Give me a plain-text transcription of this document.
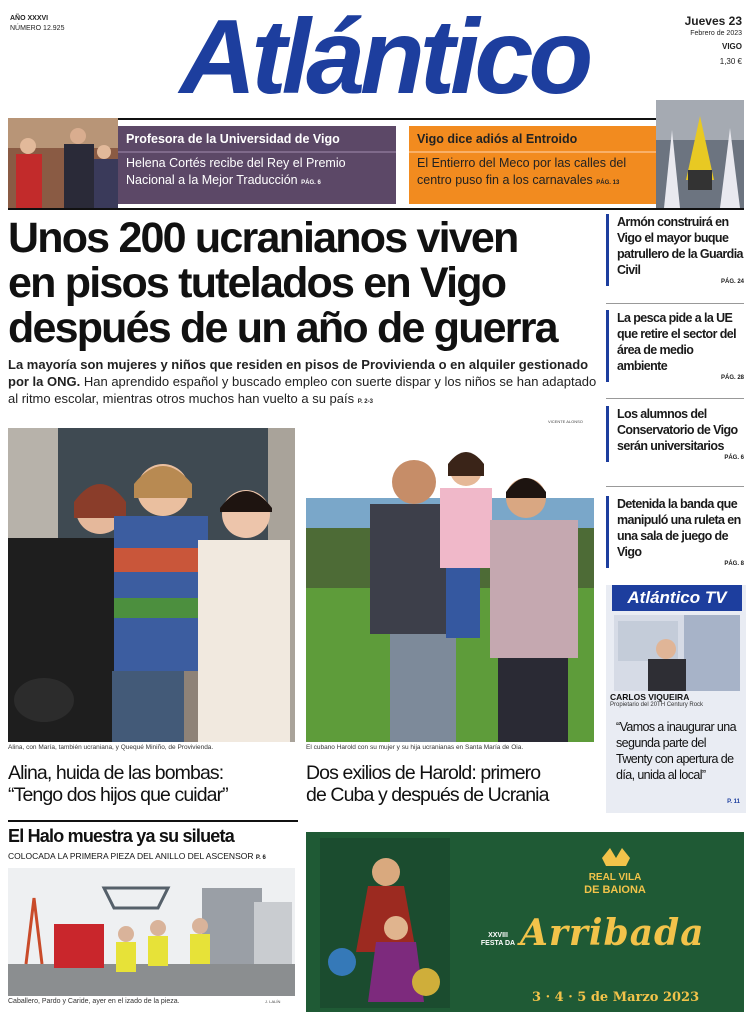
AÑO XXXVI
NÚMERO 12.925	Atlántico	Jueves 23
Febrero de 2023
VIGO
1,30 €
Profesora de la Universidad de Vigo
Helena Cortés recibe del Rey el Premio Nacional a la Mejor Traducción PÁG. 6
Vigo dice adiós al Entroido
El Entierro del Meco por las calles del centro puso fin a los carnavales PÁG. 13
Unos 200 ucranianos viven
en pisos tutelados en Vigo
después de un año de guerra
La mayoría son mujeres y niños que residen en pisos de Provivienda o en alquiler gestionado por la ONG. Han aprendido español y buscado empleo con suerte dispar y los niños se han adaptado al ritmo escolar, mientras otros muchos han vuelto a su país P. 2-3
VICENTE ALONSO
Armón construirá en Vigo el mayor buque patrullero de la Guardia Civil
PÁG. 24
La pesca pide a la UE que retire el sector del área de medio ambiente
PÁG. 28
Los alumnos del Conservatorio de Vigo serán universitarios
PÁG. 6
Detenida la banda que manipuló una ruleta en una sala de juego de Vigo
PÁG. 8
Atlántico TV
CARLOS VIQUEIRA
Propietario del 20TH Century Rock
“Vamos a inaugurar una segunda parte del Twenty con apertura de día, unida al local”
P. 11
Alina, con María, también ucraniana, y Quequé Miniño, de Provivienda.
Alina, huida de las bombas:
“Tengo dos hijos que cuidar”
El cubano Harold con su mujer y su hija ucranianas en Santa María de Oia.
Dos exilios de Harold: primero
de Cuba y después de Ucrania
El Halo muestra ya su silueta
COLOCADA LA PRIMERA PIEZA DEL ANILLO DEL ASCENSOR P. 6
Caballero, Pardo y Caride, ayer en el izado de la pieza.	J. LALÍN
REAL VILA
DE BAIONA
XXVIII
FESTA DA Arribada
3 · 4 · 5 de Marzo 2023
